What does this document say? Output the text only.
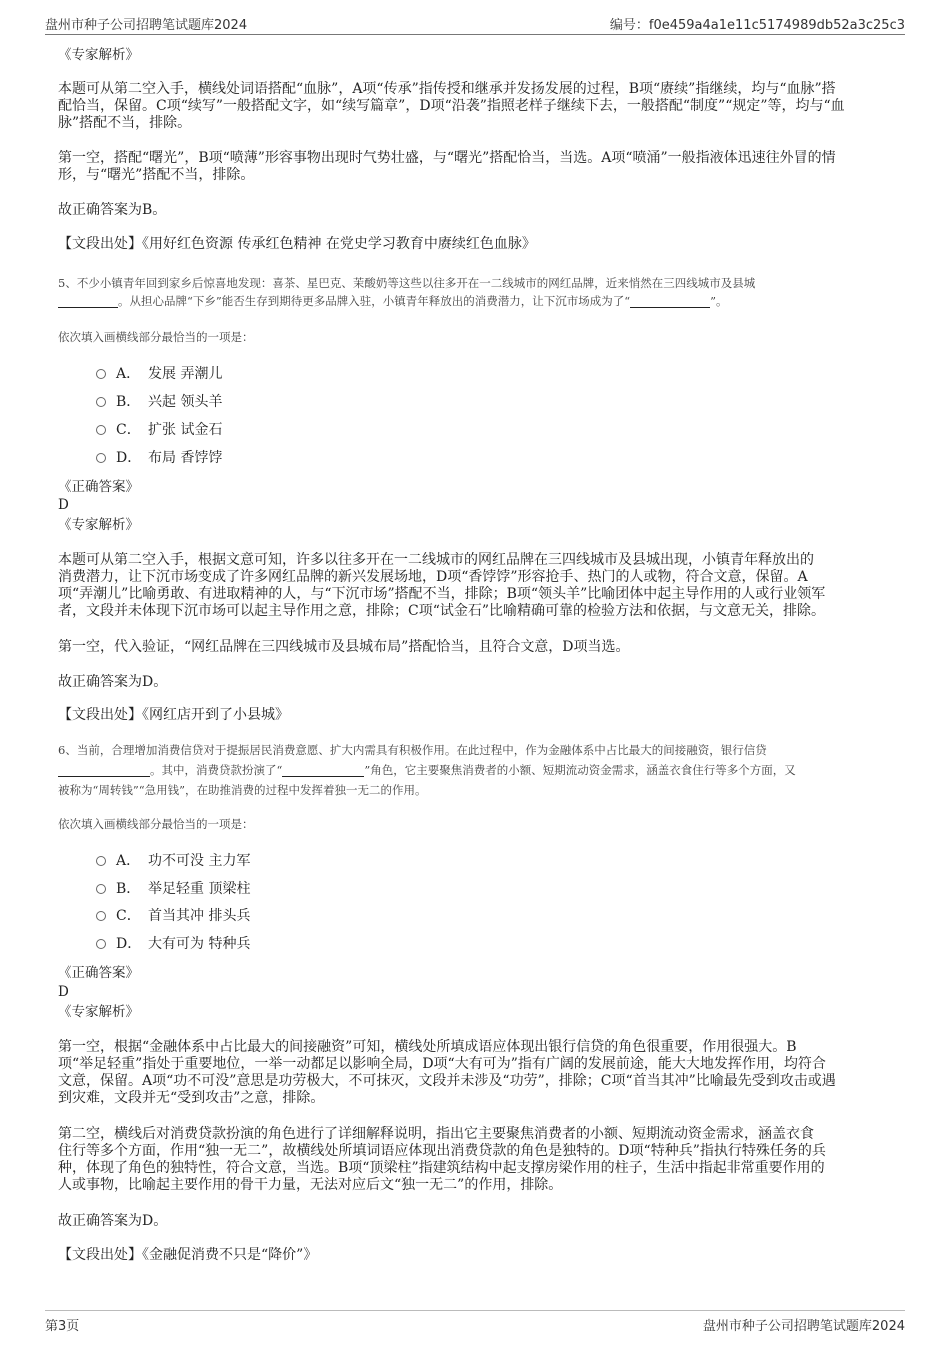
盘州市种子公司招聘笔试题库2024	编号：f0e459a4a1e11c5174989db52a3c25c3
《专家解析》
本题可从第二空入手，横线处词语搭配“血脉”，A项“传承”指传授和继承并发扬发展的过程，B项“赓续”指继续，均与“血脉”搭
配恰当，保留。C项“续写”一般搭配文字，如“续写篇章”，D项“沿袭”指照老样子继续下去，一般搭配“制度”“规定”等，均与“血
脉”搭配不当，排除。
第一空，搭配“曙光”，B项“喷薄”形容事物出现时气势壮盛，与“曙光”搭配恰当，当选。A项“喷涌”一般指液体迅速往外冒的情
形，与“曙光”搭配不当，排除。
故正确答案为B。
【文段出处】《用好红色资源 传承红色精神 在党史学习教育中赓续红色血脉》
5、不少小镇青年回到家乡后惊喜地发现：喜茶、星巴克、茉酸奶等这些以往多开在一二线城市的网红品牌，近来悄然在三四线城市及县城
。从担心品牌“下乡”能否生存到期待更多品牌入驻，小镇青年释放出的消费潜力，让下沉市场成为了“	”。
依次填入画横线部分最恰当的一项是：
A． 发展 弄潮儿
B． 兴起 领头羊
C． 扩张 试金石
D． 布局 香饽饽
《正确答案》
D
《专家解析》
本题可从第二空入手，根据文意可知，许多以往多开在一二线城市的网红品牌在三四线城市及县城出现，小镇青年释放出的
消费潜力，让下沉市场变成了许多网红品牌的新兴发展场地，D项“香饽饽”形容抢手、热门的人或物，符合文意，保留。A
项“弄潮儿”比喻勇敢、有进取精神的人，与“下沉市场”搭配不当，排除；B项“领头羊”比喻团体中起主导作用的人或行业领军
者，文段并未体现下沉市场可以起主导作用之意，排除；C项“试金石”比喻精确可靠的检验方法和依据，与文意无关，排除。
第一空，代入验证，“网红品牌在三四线城市及县城布局”搭配恰当，且符合文意，D项当选。
故正确答案为D。
【文段出处】《网红店开到了小县城》
6、当前，合理增加消费信贷对于提振居民消费意愿、扩大内需具有积极作用。在此过程中，作为金融体系中占比最大的间接融资，银行信贷
。其中，消费贷款扮演了“	”角色，它主要聚焦消费者的小额、短期流动资金需求，涵盖衣食住行等多个方面，又
被称为“周转钱”“急用钱”，在助推消费的过程中发挥着独一无二的作用。
依次填入画横线部分最恰当的一项是：
A． 功不可没 主力军
B． 举足轻重 顶梁柱
C． 首当其冲 排头兵
D． 大有可为 特种兵
《正确答案》
D
《专家解析》
第一空，根据“金融体系中占比最大的间接融资”可知，横线处所填成语应体现出银行信贷的角色很重要，作用很强大。B
项“举足轻重”指处于重要地位，一举一动都足以影响全局，D项“大有可为”指有广阔的发展前途，能大大地发挥作用，均符合
文意，保留。A项“功不可没”意思是功劳极大，不可抹灭，文段并未涉及“功劳”，排除；C项“首当其冲”比喻最先受到攻击或遇
到灾难，文段并无“受到攻击”之意，排除。
第二空，横线后对消费贷款扮演的角色进行了详细解释说明，指出它主要聚焦消费者的小额、短期流动资金需求，涵盖衣食
住行等多个方面，作用“独一无二”，故横线处所填词语应体现出消费贷款的角色是独特的。D项“特种兵”指执行特殊任务的兵
种，体现了角色的独特性，符合文意，当选。B项“顶梁柱”指建筑结构中起支撑房梁作用的柱子，生活中指起非常重要作用的
人或事物，比喻起主要作用的骨干力量，无法对应后文“独一无二”的作用，排除。
故正确答案为D。
【文段出处】《金融促消费不只是“降价”》
第3页	盘州市种子公司招聘笔试题库2024
